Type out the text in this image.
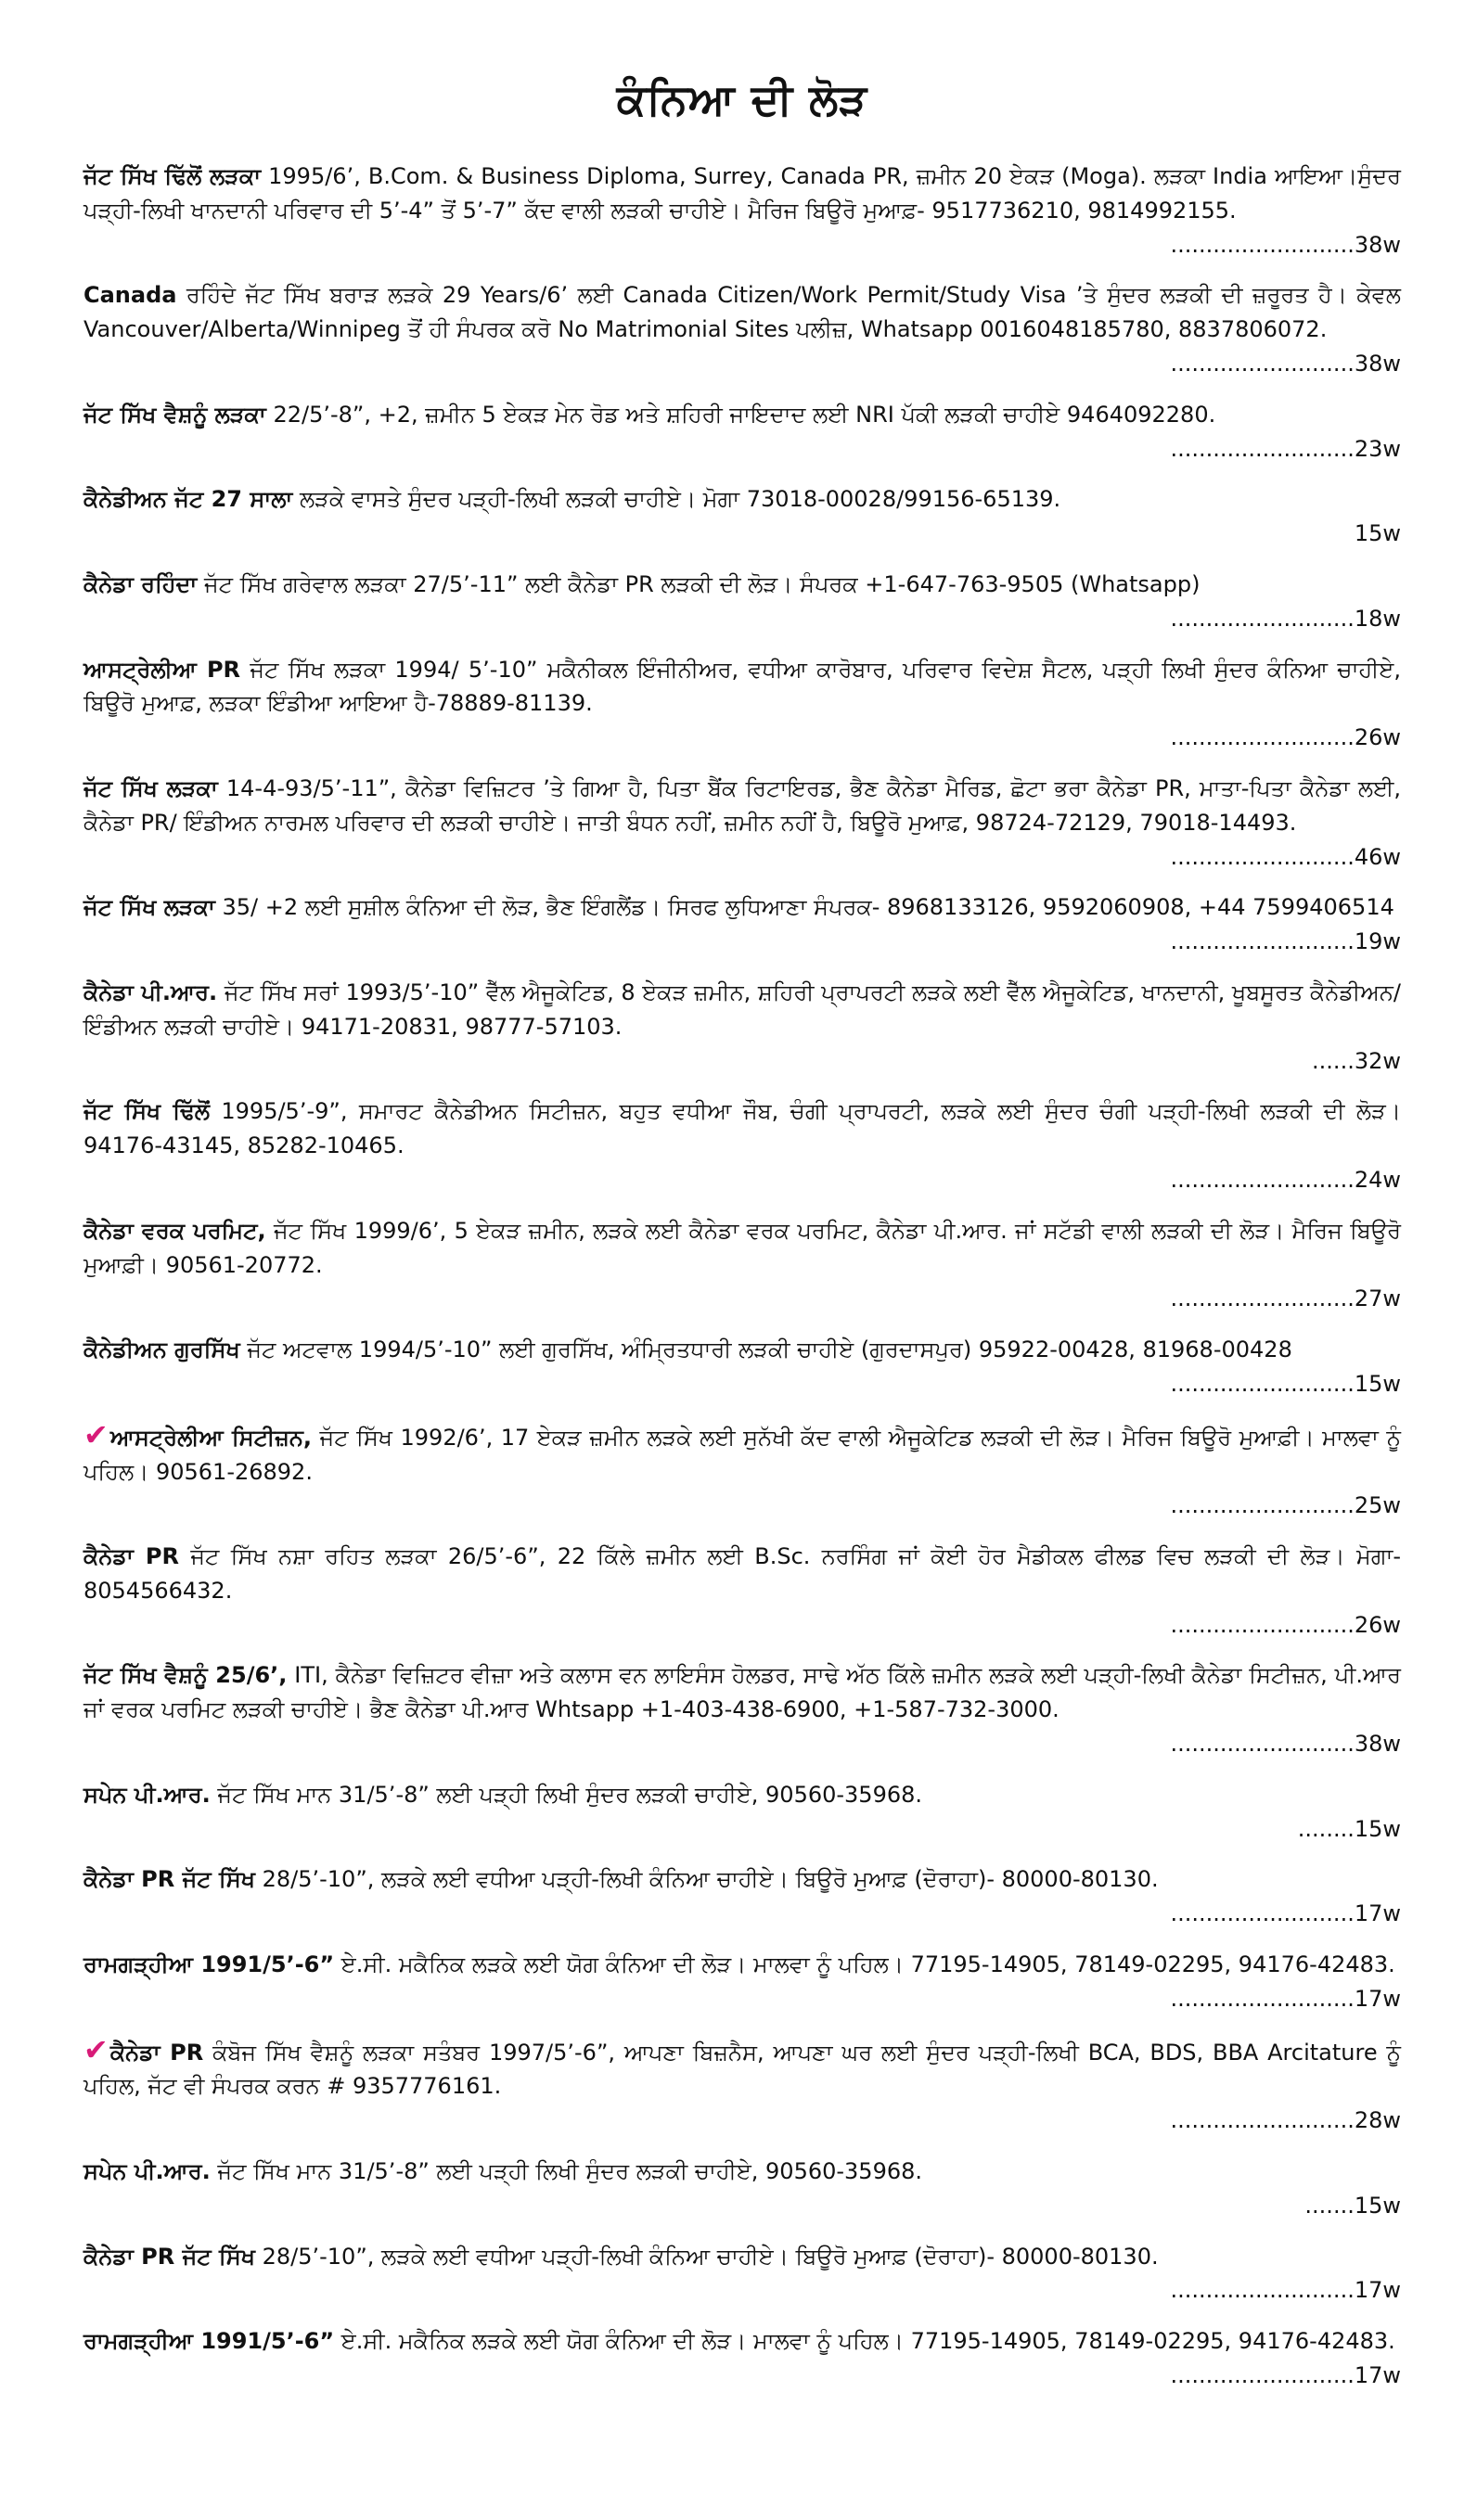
ਕੰਨਿਆ ਦੀ ਲੋੜ
ਜੱਟ ਸਿੱਖ ਢਿੱਲੋਂ ਲੜਕਾ 1995/6’, B.Com. & Business Diploma, Surrey, Canada PR, ਜ਼ਮੀਨ 20 ਏਕੜ (Moga). ਲੜਕਾ India ਆਇਆ।ਸੁੰਦਰ ਪੜ੍ਹੀ-ਲਿਖੀ ਖਾਨਦਾਨੀ ਪਰਿਵਾਰ ਦੀ 5’-4” ਤੋਂ 5’-7” ਕੱਦ ਵਾਲੀ ਲੜਕੀ ਚਾਹੀਏ। ਮੈਰਿਜ ਬਿਊਰੋ ਮੁਆਫ਼- 9517736210, 9814992155.
..........................38w
Canada ਰਹਿੰਦੇ ਜੱਟ ਸਿੱਖ ਬਰਾੜ ਲੜਕੇ 29 Years/6’ ਲਈ Canada Citizen/Work Permit/Study Visa ’ਤੇ ਸੁੰਦਰ ਲੜਕੀ ਦੀ ਜ਼ਰੂਰਤ ਹੈ। ਕੇਵਲ Vancouver/Alberta/Winnipeg ਤੋਂ ਹੀ ਸੰਪਰਕ ਕਰੋ No Matrimonial Sites ਪਲੀਜ਼, Whatsapp 0016048185780, 8837806072.
..........................38w
ਜੱਟ ਸਿੱਖ ਵੈਸ਼ਨੂੰ ਲੜਕਾ 22/5’-8”, +2, ਜ਼ਮੀਨ 5 ਏਕੜ ਮੇਨ ਰੋਡ ਅਤੇ ਸ਼ਹਿਰੀ ਜਾਇਦਾਦ ਲਈ NRI ਪੱਕੀ ਲੜਕੀ ਚਾਹੀਏ 9464092280.
..........................23w
ਕੈਨੇਡੀਅਨ ਜੱਟ 27 ਸਾਲਾ ਲੜਕੇ ਵਾਸਤੇ ਸੁੰਦਰ ਪੜ੍ਹੀ-ਲਿਖੀ ਲੜਕੀ ਚਾਹੀਏ। ਮੋਗਾ 73018-00028/99156-65139.
15w
ਕੈਨੇਡਾ ਰਹਿੰਦਾ ਜੱਟ ਸਿੱਖ ਗਰੇਵਾਲ ਲੜਕਾ 27/5’-11” ਲਈ ਕੈਨੇਡਾ PR ਲੜਕੀ ਦੀ ਲੋੜ। ਸੰਪਰਕ +1-647-763-9505 (Whatsapp)
..........................18w
ਆਸਟ੍ਰੇਲੀਆ PR ਜੱਟ ਸਿੱਖ ਲੜਕਾ 1994/ 5’-10” ਮਕੈਨੀਕਲ ਇੰਜੀਨੀਅਰ, ਵਧੀਆ ਕਾਰੋਬਾਰ, ਪਰਿਵਾਰ ਵਿਦੇਸ਼ ਸੈਟਲ, ਪੜ੍ਹੀ ਲਿਖੀ ਸੁੰਦਰ ਕੰਨਿਆ ਚਾਹੀਏ, ਬਿਊਰੋ ਮੁਆਫ਼, ਲੜਕਾ ਇੰਡੀਆ ਆਇਆ ਹੈ-78889-81139.
..........................26w
ਜੱਟ ਸਿੱਖ ਲੜਕਾ 14-4-93/5’-11”, ਕੈਨੇਡਾ ਵਿਜ਼ਿਟਰ ’ਤੇ ਗਿਆ ਹੈ, ਪਿਤਾ ਬੈਂਕ ਰਿਟਾਇਰਡ, ਭੈਣ ਕੈਨੇਡਾ ਮੈਰਿਡ, ਛੋਟਾ ਭਰਾ ਕੈਨੇਡਾ PR, ਮਾਤਾ-ਪਿਤਾ ਕੈਨੇਡਾ ਲਈ, ਕੈਨੇਡਾ PR/ ਇੰਡੀਅਨ ਨਾਰਮਲ ਪਰਿਵਾਰ ਦੀ ਲੜਕੀ ਚਾਹੀਏ। ਜਾਤੀ ਬੰਧਨ ਨਹੀਂ, ਜ਼ਮੀਨ ਨਹੀਂ ਹੈ, ਬਿਊਰੋ ਮੁਆਫ਼, 98724-72129, 79018-14493.
..........................46w
ਜੱਟ ਸਿੱਖ ਲੜਕਾ 35/ +2 ਲਈ ਸੁਸ਼ੀਲ ਕੰਨਿਆ ਦੀ ਲੋੜ, ਭੈਣ ਇੰਗਲੈਂਡ। ਸਿਰਫ ਲੁਧਿਆਣਾ ਸੰਪਰਕ- 8968133126, 9592060908, +44 7599406514
..........................19w
ਕੈਨੇਡਾ ਪੀ.ਆਰ. ਜੱਟ ਸਿੱਖ ਸਰਾਂ 1993/5’-10” ਵੈੱਲ ਐਜੂਕੇਟਿਡ, 8 ਏਕੜ ਜ਼ਮੀਨ, ਸ਼ਹਿਰੀ ਪ੍ਰਾਪਰਟੀ ਲੜਕੇ ਲਈ ਵੈੱਲ ਐਜੂਕੇਟਿਡ, ਖਾਨਦਾਨੀ, ਖੂਬਸੂਰਤ ਕੈਨੇਡੀਅਨ/ਇੰਡੀਅਨ ਲੜਕੀ ਚਾਹੀਏ। 94171-20831, 98777-57103.
......32w
ਜੱਟ ਸਿੱਖ ਢਿੱਲੋਂ 1995/5’-9”, ਸਮਾਰਟ ਕੈਨੇਡੀਅਨ ਸਿਟੀਜ਼ਨ, ਬਹੁਤ ਵਧੀਆ ਜੌਬ, ਚੰਗੀ ਪ੍ਰਾਪਰਟੀ, ਲੜਕੇ ਲਈ ਸੁੰਦਰ ਚੰਗੀ ਪੜ੍ਹੀ-ਲਿਖੀ ਲੜਕੀ ਦੀ ਲੋੜ। 94176-43145, 85282-10465.
..........................24w
ਕੈਨੇਡਾ ਵਰਕ ਪਰਮਿਟ, ਜੱਟ ਸਿੱਖ 1999/6’, 5 ਏਕੜ ਜ਼ਮੀਨ, ਲੜਕੇ ਲਈ ਕੈਨੇਡਾ ਵਰਕ ਪਰਮਿਟ, ਕੈਨੇਡਾ ਪੀ.ਆਰ. ਜਾਂ ਸਟੱਡੀ ਵਾਲੀ ਲੜਕੀ ਦੀ ਲੋੜ। ਮੈਰਿਜ ਬਿਊਰੋ ਮੁਆਫ਼ੀ। 90561-20772.
..........................27w
ਕੈਨੇਡੀਅਨ ਗੁਰਸਿੱਖ ਜੱਟ ਅਟਵਾਲ 1994/5’-10” ਲਈ ਗੁਰਸਿੱਖ, ਅੰਮ੍ਰਿਤਧਾਰੀ ਲੜਕੀ ਚਾਹੀਏ (ਗੁਰਦਾਸਪੁਰ) 95922-00428, 81968-00428
..........................15w
✔ਆਸਟ੍ਰੇਲੀਆ ਸਿਟੀਜ਼ਨ, ਜੱਟ ਸਿੱਖ 1992/6’, 17 ਏਕੜ ਜ਼ਮੀਨ ਲੜਕੇ ਲਈ ਸੁਨੱਖੀ ਕੱਦ ਵਾਲੀ ਐਜੂਕੇਟਿਡ ਲੜਕੀ ਦੀ ਲੋੜ। ਮੈਰਿਜ ਬਿਊਰੋ ਮੁਆਫ਼ੀ। ਮਾਲਵਾ ਨੂੰ ਪਹਿਲ। 90561-26892.
..........................25w
ਕੈਨੇਡਾ PR ਜੱਟ ਸਿੱਖ ਨਸ਼ਾ ਰਹਿਤ ਲੜਕਾ 26/5’-6”, 22 ਕਿੱਲੇ ਜ਼ਮੀਨ ਲਈ B.Sc. ਨਰਸਿੰਗ ਜਾਂ ਕੋਈ ਹੋਰ ਮੈਡੀਕਲ ਫੀਲਡ ਵਿਚ ਲੜਕੀ ਦੀ ਲੋੜ। ਮੋਗਾ- 8054566432.
..........................26w
ਜੱਟ ਸਿੱਖ ਵੈਸ਼ਨੂੰ 25/6’, ITI, ਕੈਨੇਡਾ ਵਿਜ਼ਿਟਰ ਵੀਜ਼ਾ ਅਤੇ ਕਲਾਸ ਵਨ ਲਾਇਸੰਸ ਹੋਲਡਰ, ਸਾਢੇ ਅੱਠ ਕਿੱਲੇ ਜ਼ਮੀਨ ਲੜਕੇ ਲਈ ਪੜ੍ਹੀ-ਲਿਖੀ ਕੈਨੇਡਾ ਸਿਟੀਜ਼ਨ, ਪੀ.ਆਰ ਜਾਂ ਵਰਕ ਪਰਮਿਟ ਲੜਕੀ ਚਾਹੀਏ। ਭੈਣ ਕੈਨੇਡਾ ਪੀ.ਆਰ Whtsapp +1-403-438-6900, +1-587-732-3000.
..........................38w
ਸਪੇਨ ਪੀ.ਆਰ. ਜੱਟ ਸਿੱਖ ਮਾਨ 31/5’-8” ਲਈ ਪੜ੍ਹੀ ਲਿਖੀ ਸੁੰਦਰ ਲੜਕੀ ਚਾਹੀਏ, 90560-35968.
........15w
ਕੈਨੇਡਾ PR ਜੱਟ ਸਿੱਖ 28/5’-10”, ਲੜਕੇ ਲਈ ਵਧੀਆ ਪੜ੍ਹੀ-ਲਿਖੀ ਕੰਨਿਆ ਚਾਹੀਏ। ਬਿਊਰੋ ਮੁਆਫ਼ (ਦੋਰਾਹਾ)- 80000-80130.
..........................17w
ਰਾਮਗੜ੍ਹੀਆ 1991/5’-6” ਏ.ਸੀ. ਮਕੈਨਿਕ ਲੜਕੇ ਲਈ ਯੋਗ ਕੰਨਿਆ ਦੀ ਲੋੜ। ਮਾਲਵਾ ਨੂੰ ਪਹਿਲ। 77195-14905, 78149-02295, 94176-42483.
..........................17w
✔ਕੈਨੇਡਾ PR ਕੰਬੋਜ ਸਿੱਖ ਵੈਸ਼ਨੂੰ ਲੜਕਾ ਸਤੰਬਰ 1997/5’-6”, ਆਪਣਾ ਬਿਜ਼ਨੈਸ, ਆਪਣਾ ਘਰ ਲਈ ਸੁੰਦਰ ਪੜ੍ਹੀ-ਲਿਖੀ BCA, BDS, BBA Arcitature ਨੂੰ ਪਹਿਲ, ਜੱਟ ਵੀ ਸੰਪਰਕ ਕਰਨ # 9357776161.
..........................28w
ਸਪੇਨ ਪੀ.ਆਰ. ਜੱਟ ਸਿੱਖ ਮਾਨ 31/5’-8” ਲਈ ਪੜ੍ਹੀ ਲਿਖੀ ਸੁੰਦਰ ਲੜਕੀ ਚਾਹੀਏ, 90560-35968.
.......15w
ਕੈਨੇਡਾ PR ਜੱਟ ਸਿੱਖ 28/5’-10”, ਲੜਕੇ ਲਈ ਵਧੀਆ ਪੜ੍ਹੀ-ਲਿਖੀ ਕੰਨਿਆ ਚਾਹੀਏ। ਬਿਊਰੋ ਮੁਆਫ਼ (ਦੋਰਾਹਾ)- 80000-80130.
..........................17w
ਰਾਮਗੜ੍ਹੀਆ 1991/5’-6” ਏ.ਸੀ. ਮਕੈਨਿਕ ਲੜਕੇ ਲਈ ਯੋਗ ਕੰਨਿਆ ਦੀ ਲੋੜ। ਮਾਲਵਾ ਨੂੰ ਪਹਿਲ। 77195-14905, 78149-02295, 94176-42483.
..........................17w
